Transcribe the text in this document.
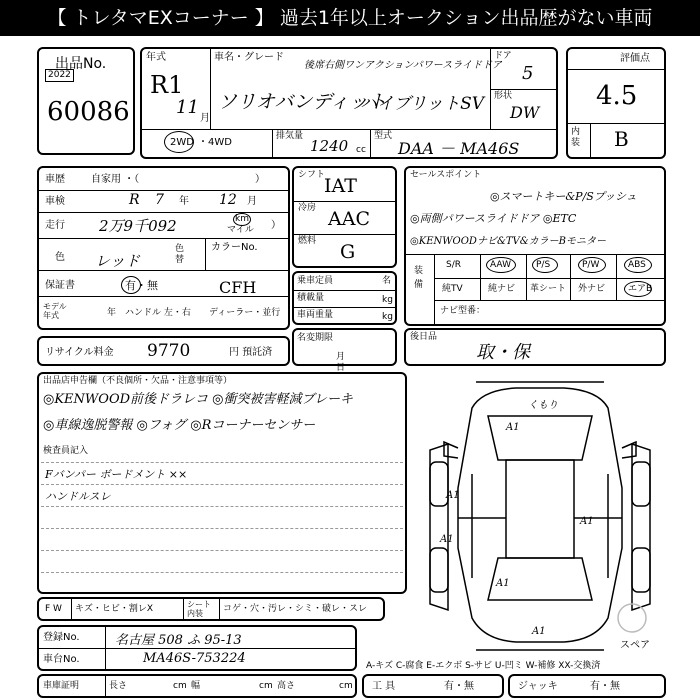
【 トレタマEXコーナー 】 過去1年以上オークション出品歴がない車両
出品No.
2022
60086
年式
R1
11
月
車名・グレード
後席右側ワンアクションパワースライドドア
ソリオバンディット
ハイブリットSV
ドア
5
形状
DW
2WD ・ 4WD
排気量
1240 cc
型式
DAA － MA46S
評価点
4.5
内装 B
車歴	自家用 ・（	）
車検	R 7 年 12 月
走行 2万9千092	km
マイル ）
色 レッド
色替
カラーNo.
保証書	有・無	CFH
モデル年式	年 ハンドル 左・右 ディーラー・並行
リサイクル料金 9770	円 預託済
シフト
IAT
冷房 AAC
燃料 G
乗車定員	名
積載量	kg
車両重量	kg
名変期限
月日
セールスポイント
◎スマートキー&P/Sプッシュ
◎両側パワースライドドア ◎ETC
◎KENWOODナビ&TV&カラーBモニター
装備
S/R	AAW	P/S	P/W	ABS
純TV	純ナビ 革シート 外ナビ	エアB
ナビ型番：
後日品
取・保
出品店申告欄（不良個所・欠品・注意事項等）
◎KENWOOD前後ドラレコ ◎衝突被害軽減ブレーキ
◎車線逸脱警報 ◎フォグ ◎Rコーナーセンサー
検査員記入
Fバンパー ボードメント ××
ハンドルスレ
F W キズ・ヒビ・割レX	シート内装	コゲ・穴・汚レ・シミ・破レ・スレ
登録No.	名古屋 508 ふ 95-13
車台No.	MA46S-753224	A-キズ C-腐食 E-エクボ S-サビ U-凹ミ W-補修 XX-交換済
車庫証明	長さ	cm 幅	cm 高さ	cm 工 具	有・無	ジャッキ	有・無
くもり
A1
A1
A1
A1
A1
A1
スペア
